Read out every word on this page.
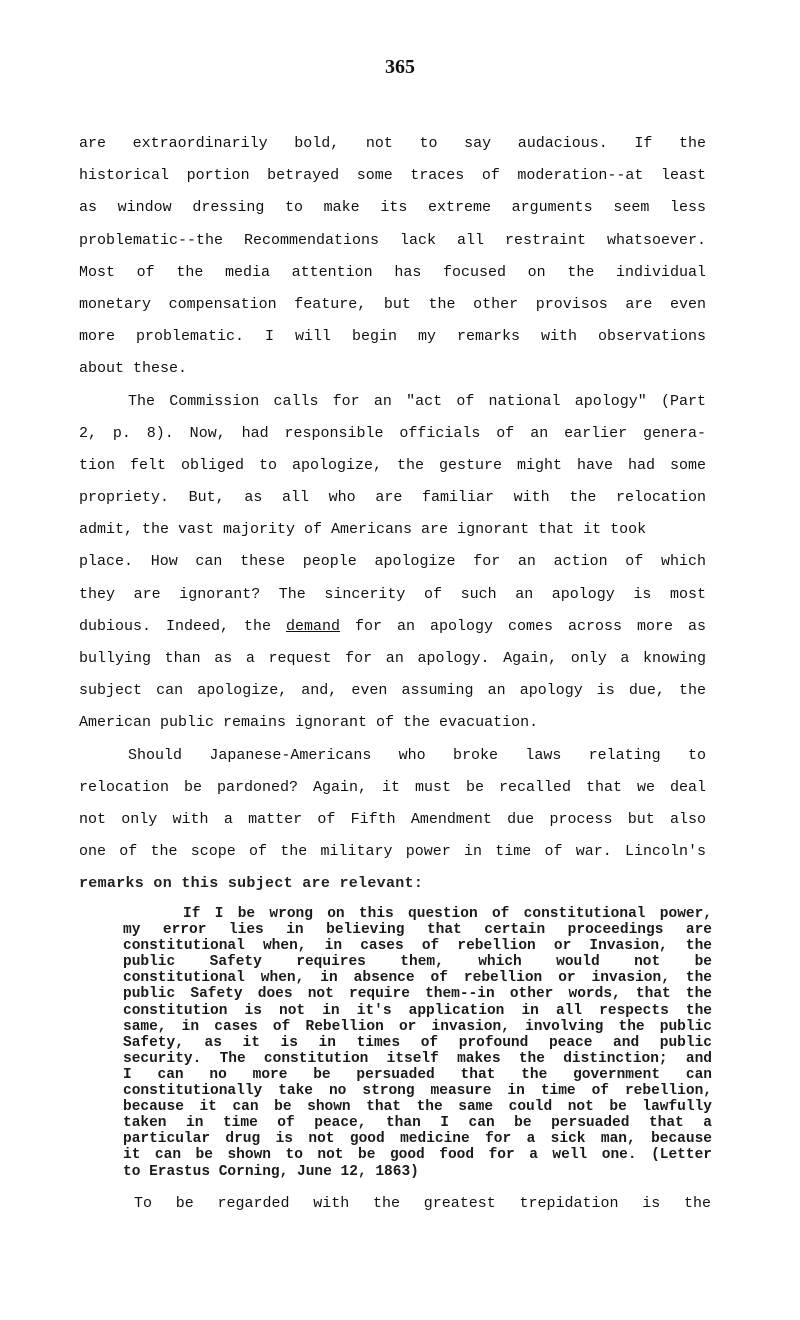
365
are extraordinarily bold, not to say audacious. If the
historical portion betrayed some traces of moderation--at least
as window dressing to make its extreme arguments seem less
problematic--the Recommendations lack all restraint whatsoever.
Most of the media attention has focused on the individual
monetary compensation feature, but the other provisos are even
more problematic. I will begin my remarks with observations
about these.
The Commission calls for an "act of national apology" (Part
2, p. 8). Now, had responsible officials of an earlier genera-
tion felt obliged to apologize, the gesture might have had some
propriety. But, as all who are familiar with the relocation
admit, the vast majority of Americans are ignorant that it took
place. How can these people apologize for an action of which
they are ignorant? The sincerity of such an apology is most
dubious. Indeed, the demand for an apology comes across more as
bullying than as a request for an apology. Again, only a knowing
subject can apologize, and, even assuming an apology is due, the
American public remains ignorant of the evacuation.
Should Japanese-Americans who broke laws relating to
relocation be pardoned? Again, it must be recalled that we deal
not only with a matter of Fifth Amendment due process but also
one of the scope of the military power in time of war. Lincoln's
remarks on this subject are relevant:
If I be wrong on this question of constitutional power,
my error lies in believing that certain proceedings are
constitutional when, in cases of rebellion or Invasion, the
public Safety requires them, which would not be
constitutional when, in absence of rebellion or invasion, the
public Safety does not require them--in other words, that the
constitution is not in it's application in all respects the
same, in cases of Rebellion or invasion, involving the public
Safety, as it is in times of profound peace and public
security. The constitution itself makes the distinction; and
I can no more be persuaded that the government can
constitutionally take no strong measure in time of rebellion,
because it can be shown that the same could not be lawfully
taken in time of peace, than I can be persuaded that a
particular drug is not good medicine for a sick man, because
it can be shown to not be good food for a well one. (Letter
to Erastus Corning, June 12, 1863)
To be regarded with the greatest trepidation is the
